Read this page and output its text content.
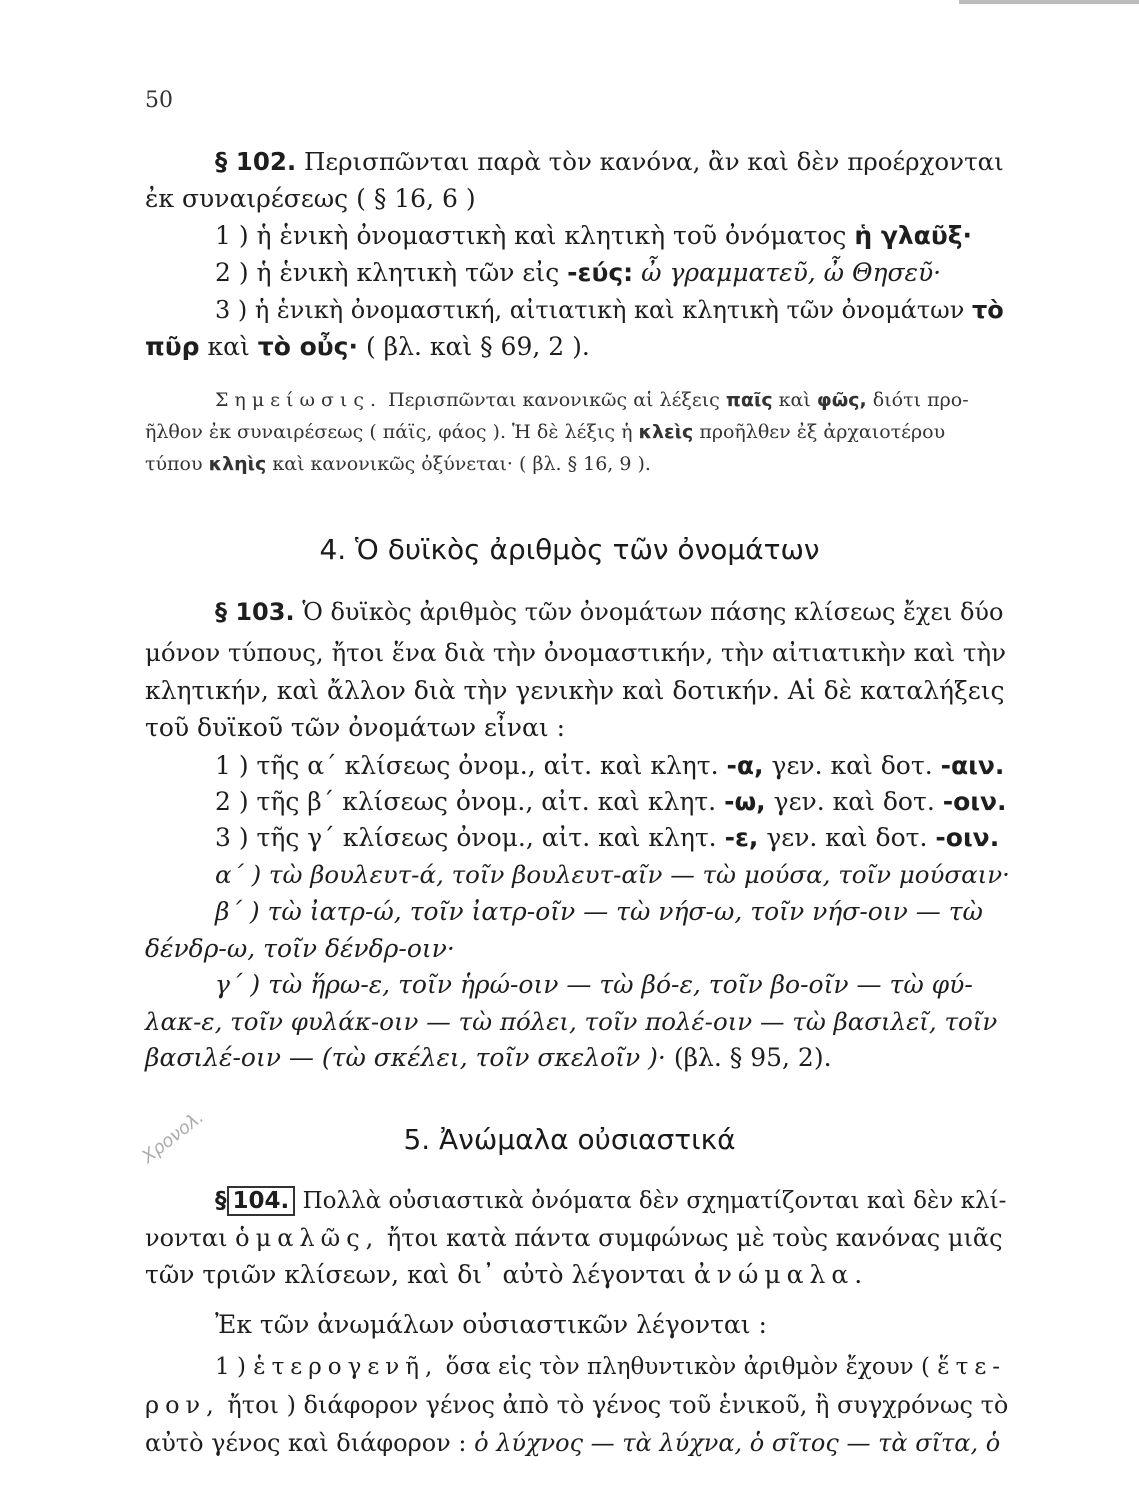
50
§ 102. Περισπῶνται παρὰ τὸν κανόνα, ἂν καὶ δὲν προέρχονται
ἐκ συναιρέσεως ( § 16, 6 )
1 ) ἡ ἑνικὴ ὀνομαστικὴ καὶ κλητικὴ τοῦ ὀνόματος ἡ γλαῦξ·
2 ) ἡ ἑνικὴ κλητικὴ τῶν εἰς -εύς: ὦ γραμματεῦ, ὦ Θησεῦ·
3 ) ἡ ἑνικὴ ὀνομαστική, αἰτιατικὴ καὶ κλητικὴ τῶν ὀνομάτων τὸ
πῦρ καὶ τὸ οὖς· ( βλ. καὶ § 69, 2 ).
Σημείωσις. Περισπῶνται κανονικῶς αἱ λέξεις παῖς καὶ φῶς, διότι προ-
ῆλθον ἐκ συναιρέσεως ( πάϊς, φάος ). Ἡ δὲ λέξις ἡ κλεὶς προῆλθεν ἐξ ἀρχαιοτέρου
τύπου κληὶς καὶ κανονικῶς ὀξύνεται· ( βλ. § 16, 9 ).
4. Ὁ δυϊκὸς ἀριθμὸς τῶν ὀνομάτων
§ 103. Ὁ δυϊκὸς ἀριθμὸς τῶν ὀνομάτων πάσης κλίσεως ἔχει δύο
μόνον τύπους, ἤτοι ἕνα διὰ τὴν ὀνομαστικήν, τὴν αἰτιατικὴν καὶ τὴν
κλητικήν, καὶ ἄλλον διὰ τὴν γενικὴν καὶ δοτικήν. Αἱ δὲ καταλήξεις
τοῦ δυϊκοῦ τῶν ὀνομάτων εἶναι :
1 ) τῆς α΄ κλίσεως ὀνομ., αἰτ. καὶ κλητ. -α, γεν. καὶ δοτ. -αιν.
2 ) τῆς β΄ κλίσεως ὀνομ., αἰτ. καὶ κλητ. -ω, γεν. καὶ δοτ. -οιν.
3 ) τῆς γ΄ κλίσεως ὀνομ., αἰτ. καὶ κλητ. -ε, γεν. καὶ δοτ. -οιν.
α΄ ) τὼ βουλευτ-ά, τοῖν βουλευτ-αῖν — τὼ μούσα, τοῖν μούσαιν·
β΄ ) τὼ ἰατρ-ώ, τοῖν ἰατρ-οῖν — τὼ νήσ-ω, τοῖν νήσ-οιν — τὼ
δένδρ-ω, τοῖν δένδρ-οιν·
γ΄ ) τὼ ἥρω-ε, τοῖν ἡρώ-οιν — τὼ βό-ε, τοῖν βο-οῖν — τὼ φύ-
λακ-ε, τοῖν φυλάκ-οιν — τὼ πόλει, τοῖν πολέ-οιν — τὼ βασιλεῖ, τοῖν
βασιλέ-οιν — (τὼ σκέλει, τοῖν σκελοῖν )· (βλ. § 95, 2).
5. Ἀνώμαλα οὐσιαστικά
Χρονολ.
§ 104. Πολλὰ οὐσιαστικὰ ὀνόματα δὲν σχηματίζονται καὶ δὲν κλί-
νονται ὁμαλῶς, ἤτοι κατὰ πάντα συμφώνως μὲ τοὺς κανόνας μιᾶς
τῶν τριῶν κλίσεων, καὶ δι᾽ αὐτὸ λέγονται ἀνώμαλα.
Ἐκ τῶν ἀνωμάλων οὐσιαστικῶν λέγονται :
1 ) ἑτερογενῆ, ὅσα εἰς τὸν πληθυντικὸν ἀριθμὸν ἔχουν ( ἕτε-
ρον, ἤτοι ) διάφορον γένος ἀπὸ τὸ γένος τοῦ ἑνικοῦ, ἢ συγχρόνως τὸ
αὐτὸ γένος καὶ διάφορον : ὁ λύχνος — τὰ λύχνα, ὁ σῖτος — τὰ σῖτα, ὁ
